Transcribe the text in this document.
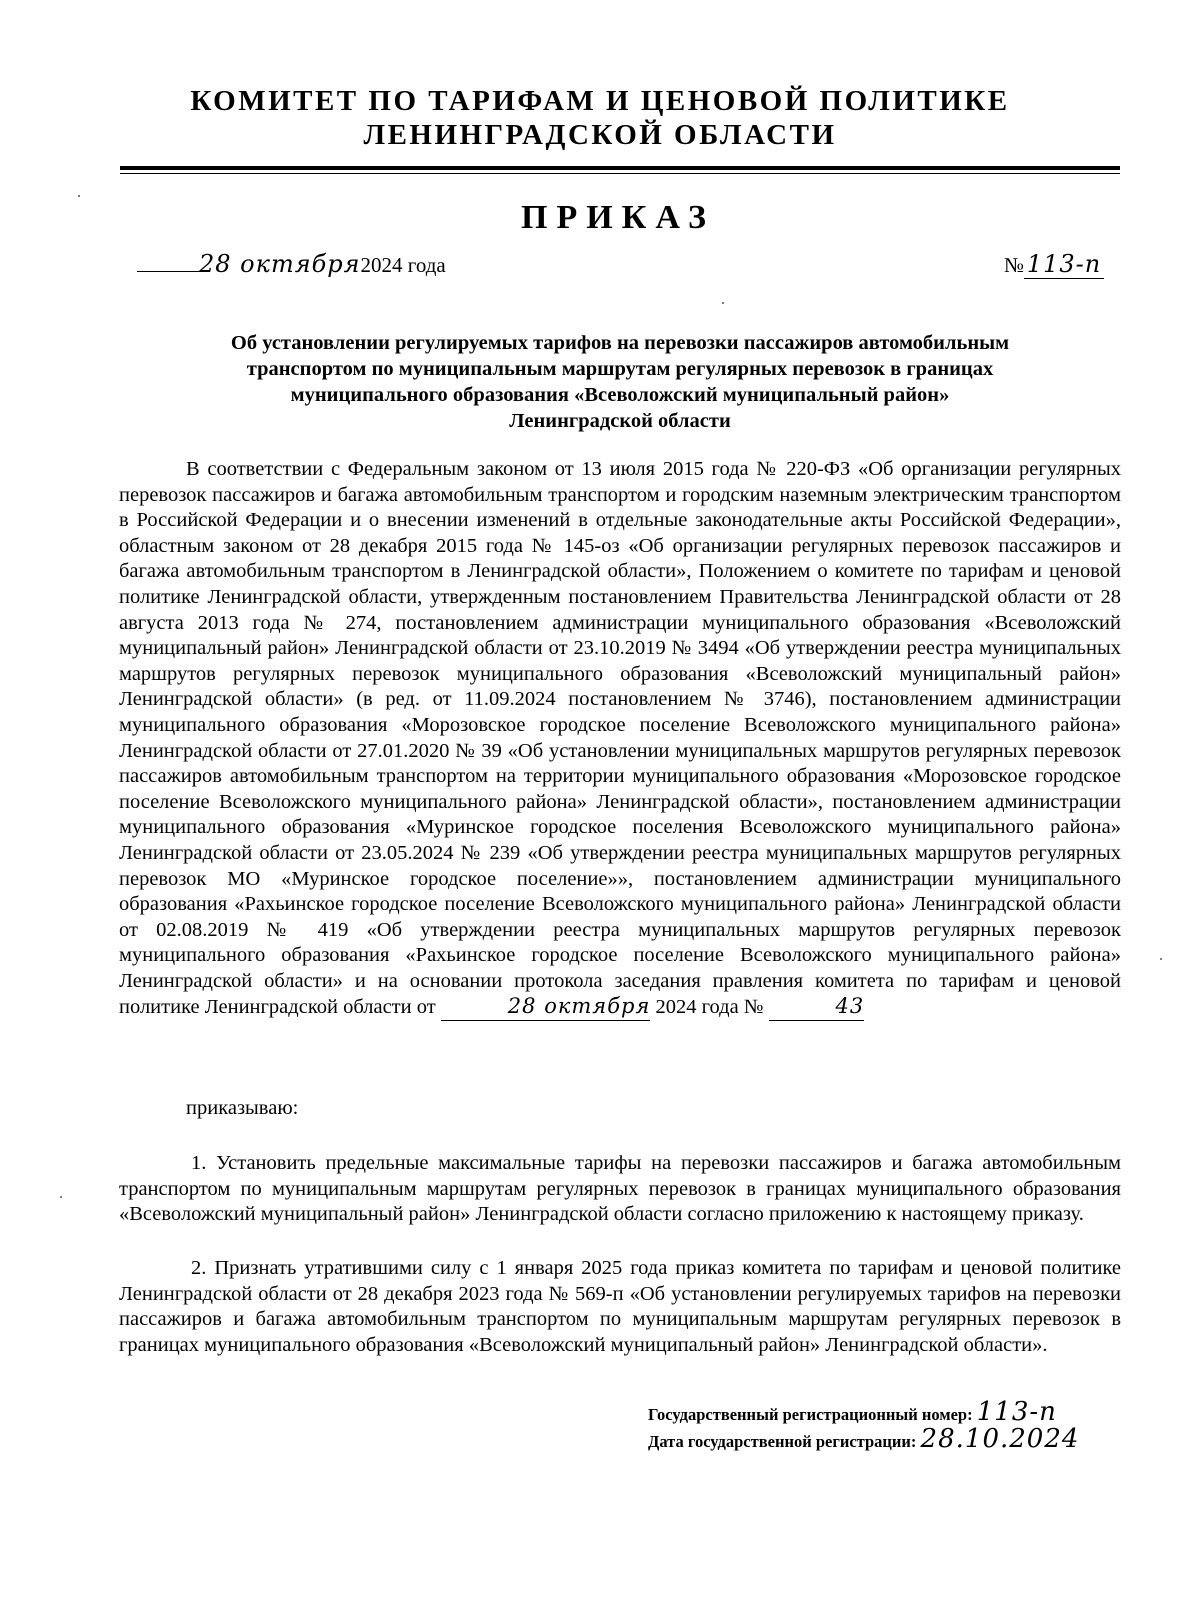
КОМИТЕТ ПО ТАРИФАМ И ЦЕНОВОЙ ПОЛИТИКЕ
ЛЕНИНГРАДСКОЙ ОБЛАСТИ
ПРИКАЗ
28 октября2024 года	№ 113-п
Об установлении регулируемых тарифов на перевозки пассажиров автомобильным
транспортом по муниципальным маршрутам регулярных перевозок в границах
муниципального образования «Всеволожский муниципальный район»
Ленинградской области

В соответствии с Федеральным законом от 13 июля 2015 года № 220-ФЗ «Об организации регулярных перевозок пассажиров и багажа автомобильным транспортом и городским наземным электрическим транспортом в Российской Федерации и о внесении изменений в отдельные законодательные акты Российской Федерации», областным законом от 28 декабря 2015 года № 145-оз «Об организации регулярных перевозок пассажиров и багажа автомобильным транспортом в Ленинградской области», Положением о комитете по тарифам и ценовой политике Ленинградской области, утвержденным постановлением Правительства Ленинградской области от 28 августа 2013 года № 274, постановлением администрации муниципального образования «Всеволожский муниципальный район» Ленинградской области от 23.10.2019 № 3494 «Об утверждении реестра муниципальных маршрутов регулярных перевозок муниципального образования «Всеволожский муниципальный район» Ленинградской области» (в ред. от 11.09.2024 постановлением № 3746), постановлением администрации муниципального образования «Морозовское городское поселение Всеволожского муниципального района» Ленинградской области от 27.01.2020 № 39 «Об установлении муниципальных маршрутов регулярных перевозок пассажиров автомобильным транспортом на территории муниципального образования «Морозовское городское поселение Всеволожского муниципального района» Ленинградской области», постановлением администрации муниципального образования «Муринское городское поселения Всеволожского муниципального района» Ленинградской области от 23.05.2024 № 239 «Об утверждении реестра муниципальных маршрутов регулярных перевозок МО «Муринское городское поселение»», постановлением администрации муниципального образования «Рахьинское городское поселение Всеволожского муниципального района» Ленинградской области от 02.08.2019 № 419 «Об утверждении реестра муниципальных маршрутов регулярных перевозок муниципального образования «Рахьинское городское поселение Всеволожского муниципального района» Ленинградской области» и на основании протокола заседания правления комитета по тарифам и ценовой политике Ленинградской области от	28 октября 2024 года №	43

приказываю:

1. Установить предельные максимальные тарифы на перевозки пассажиров и багажа автомобильным транспортом по муниципальным маршрутам регулярных перевозок в границах муниципального образования «Всеволожский муниципальный район» Ленинградской области согласно приложению к настоящему приказу.

2. Признать утратившими силу с 1 января 2025 года приказ комитета по тарифам и ценовой политике Ленинградской области от 28 декабря 2023 года № 569-п «Об установлении регулируемых тарифов на перевозки пассажиров и багажа автомобильным транспортом по муниципальным маршрутам регулярных перевозок в границах муниципального образования «Всеволожский муниципальный район» Ленинградской области».

Государственный регистрационный номер: 113-п
Дата государственной регистрации: 28.10.2024
